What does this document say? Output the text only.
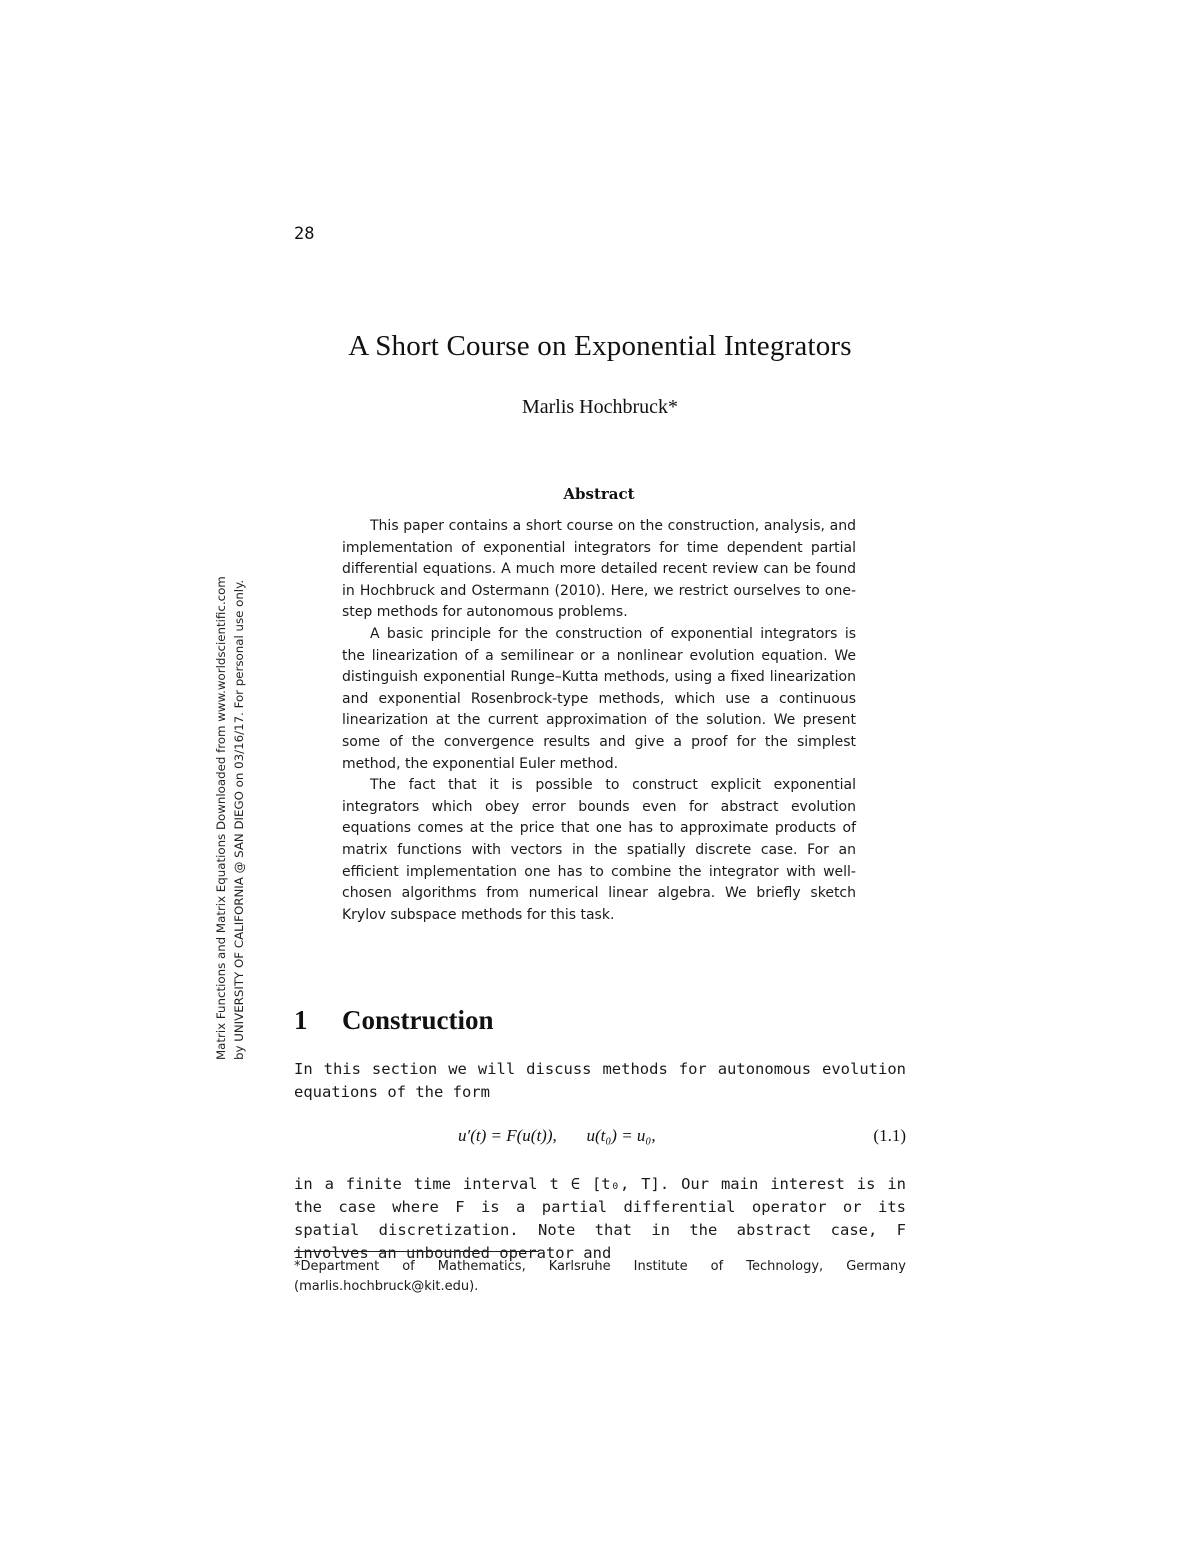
28
Matrix Functions and Matrix Equations Downloaded from www.worldscientific.com by UNIVERSITY OF CALIFORNIA @ SAN DIEGO on 03/16/17. For personal use only.
A Short Course on Exponential Integrators
Marlis Hochbruck*
Abstract

This paper contains a short course on the construction, analysis, and implementation of exponential integrators for time dependent partial differential equations. A much more detailed recent review can be found in Hochbruck and Ostermann (2010). Here, we restrict ourselves to one-step methods for autonomous problems.

A basic principle for the construction of exponential integrators is the linearization of a semilinear or a nonlinear evolution equation. We distinguish exponential Runge–Kutta methods, using a fixed linearization and exponential Rosenbrock-type methods, which use a continuous linearization at the current approximation of the solution. We present some of the convergence results and give a proof for the simplest method, the exponential Euler method.

The fact that it is possible to construct explicit exponential integrators which obey error bounds even for abstract evolution equations comes at the price that one has to approximate products of matrix functions with vectors in the spatially discrete case. For an efficient implementation one has to combine the integrator with well-chosen algorithms from numerical linear algebra. We briefly sketch Krylov subspace methods for this task.

1 Construction
In this section we will discuss methods for autonomous evolution equations of the form
u′(t) = F(u(t)),       u(t₀) = u₀,	(1.1)
in a finite time interval t ∈ [t₀, T]. Our main interest is in the case where F is a partial differential operator or its spatial discretization. Note that in the abstract case, F involves an unbounded operator and
*Department of Mathematics, Karlsruhe Institute of Technology, Germany (marlis.hochbruck@kit.edu).
